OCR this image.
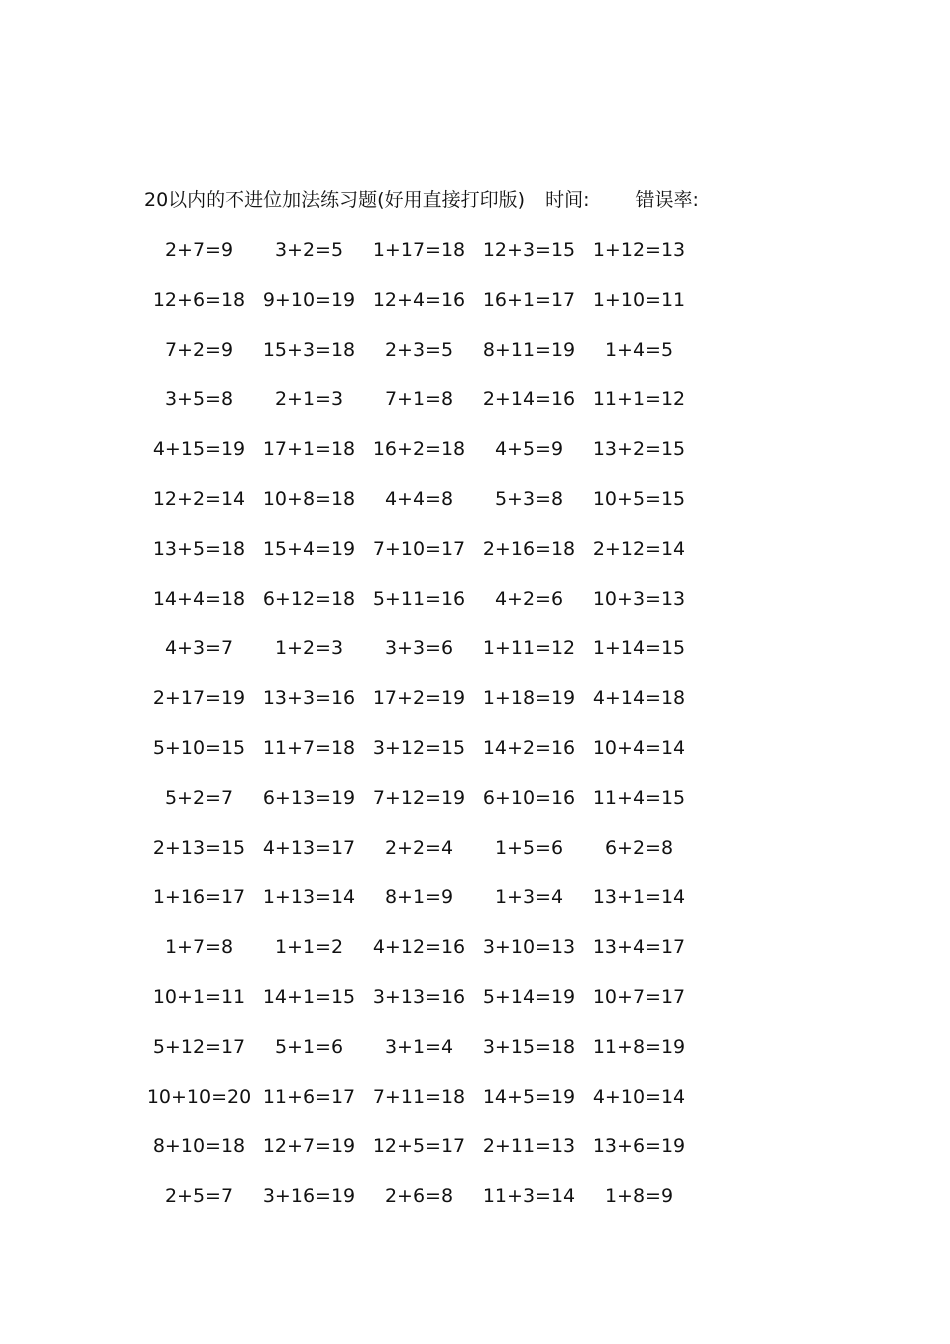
20以内的不进位加法练习题(好用直接打印版) 时间: 错误率:
2+7=9	3+2=5	1+17=18 12+3=15 1+12=13
12+6=18 9+10=19 12+4=16 16+1=17 1+10=11
7+2=9	15+3=18	2+3=5	8+11=19	1+4=5
3+5=8	2+1=3	7+1=8	2+14=16 11+1=12
4+15=19 17+1=18 16+2=18	4+5=9	13+2=15
12+2=14 10+8=18	4+4=8	5+3=8	10+5=15
13+5=18 15+4=19 7+10=17 2+16=18 2+12=14
14+4=18 6+12=18 5+11=16	4+2=6	10+3=13
4+3=7	1+2=3	3+3=6	1+11=12 1+14=15
2+17=19 13+3=16 17+2=19 1+18=19 4+14=18
5+10=15 11+7=18 3+12=15 14+2=16 10+4=14
5+2=7	6+13=19 7+12=19 6+10=16 11+4=15
2+13=15 4+13=17	2+2=4	1+5=6	6+2=8
1+16=17 1+13=14	8+1=9	1+3=4	13+1=14
1+7=8	1+1=2	4+12=16 3+10=13 13+4=17
10+1=11 14+1=15 3+13=16 5+14=19 10+7=17
5+12=17	5+1=6	3+1=4	3+15=18 11+8=19
10+10=20 11+6=17 7+11=18 14+5=19 4+10=14
8+10=18 12+7=19 12+5=17 2+11=13 13+6=19
2+5=7	3+16=19	2+6=8	11+3=14	1+8=9
